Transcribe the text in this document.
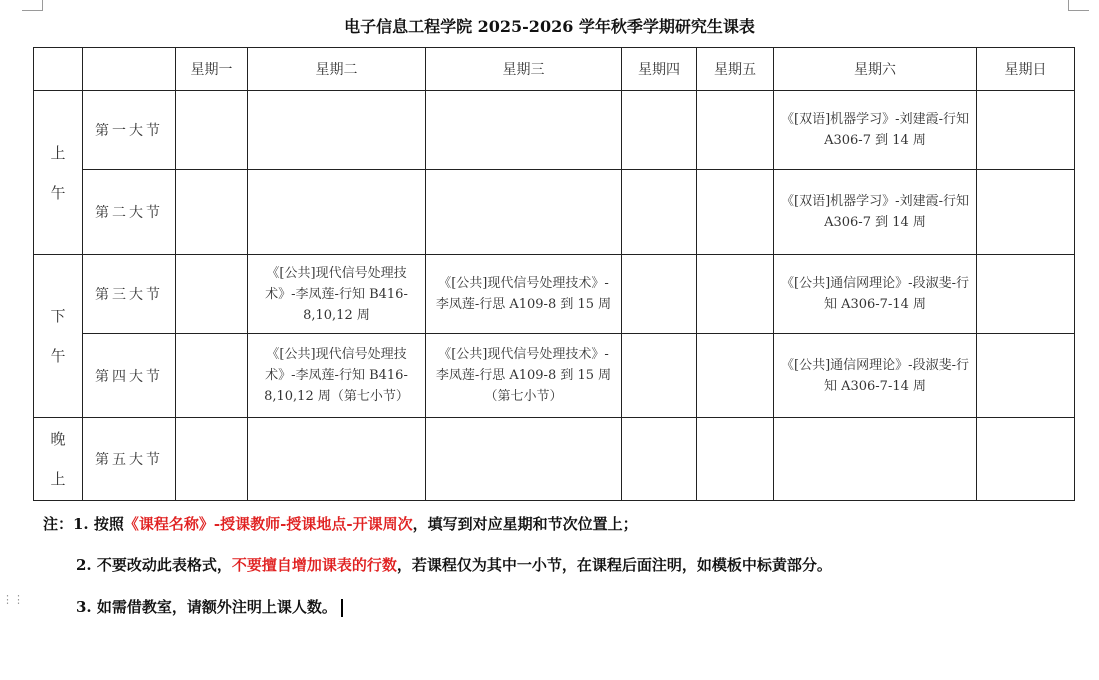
电子信息工程学院 2025-2026 学年秋季学期研究生课表
		星期一	星期二	星期三	星期四	星期五	星期六	星期日
上午	第一大节						《[双语]机器学习》-刘建霞-行知 A306-7 到 14 周	

	第二大节						《[双语]机器学习》-刘建霞-行知 A306-7 到 14 周	

下午	第三大节		《[公共]现代信号处理技术》-李凤莲-行知 B416-8,10,12 周	《[公共]现代信号处理技术》-李凤莲-行思 A109-8 到 15 周			《[公共]通信网理论》-段淑斐-行知 A306-7-14 周	

	第四大节		《[公共]现代信号处理技术》-李凤莲-行知 B416-8,10,12 周（第七小节）	《[公共]现代信号处理技术》-李凤莲-行思 A109-8 到 15 周（第七小节）			《[公共]通信网理论》-段淑斐-行知 A306-7-14 周	

晚上	第五大节							
注：1. 按照《课程名称》-授课教师-授课地点-开课周次，填写到对应星期和节次位置上；
2. 不要改动此表格式，不要擅自增加课表的行数，若课程仅为其中一小节，在课程后面注明，如模板中标黄部分。
3. 如需借教室，请额外注明上课人数。
⋮⋮
